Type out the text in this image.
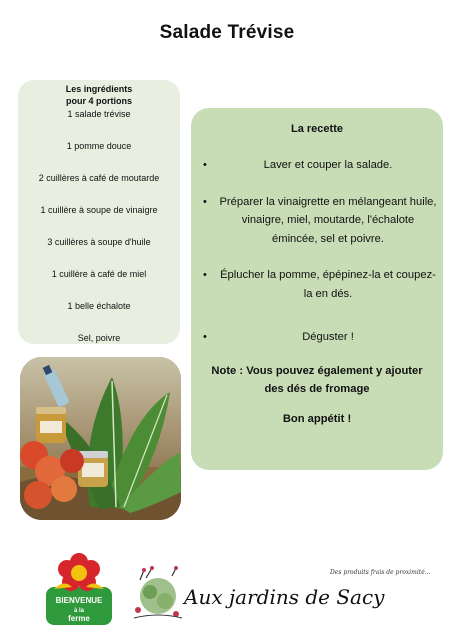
Salade Trévise
Les ingrédients
pour 4 portions
1 salade trévise
1 pomme douce
2 cuillères à café de moutarde
1 cuillère à soupe de vinaigre
3 cuillères à soupe d'huile
1 cuillère à café de miel
1 belle échalote
Sel, poivre
La recette
•	Laver et couper la salade.
• Préparer la vinaigrette en mélangeant huile, vinaigre, miel, moutarde, l'échalote émincée, sel et poivre.
• Éplucher la pomme, épépinez-la et coupez-la en dés.
•	Déguster !
Note : Vous pouvez également y ajouter des dés de fromage
Bon appétit !
BIENVENUE
à la
ferme
Des produits frais de proximité...
Aux jardins de Sacy
